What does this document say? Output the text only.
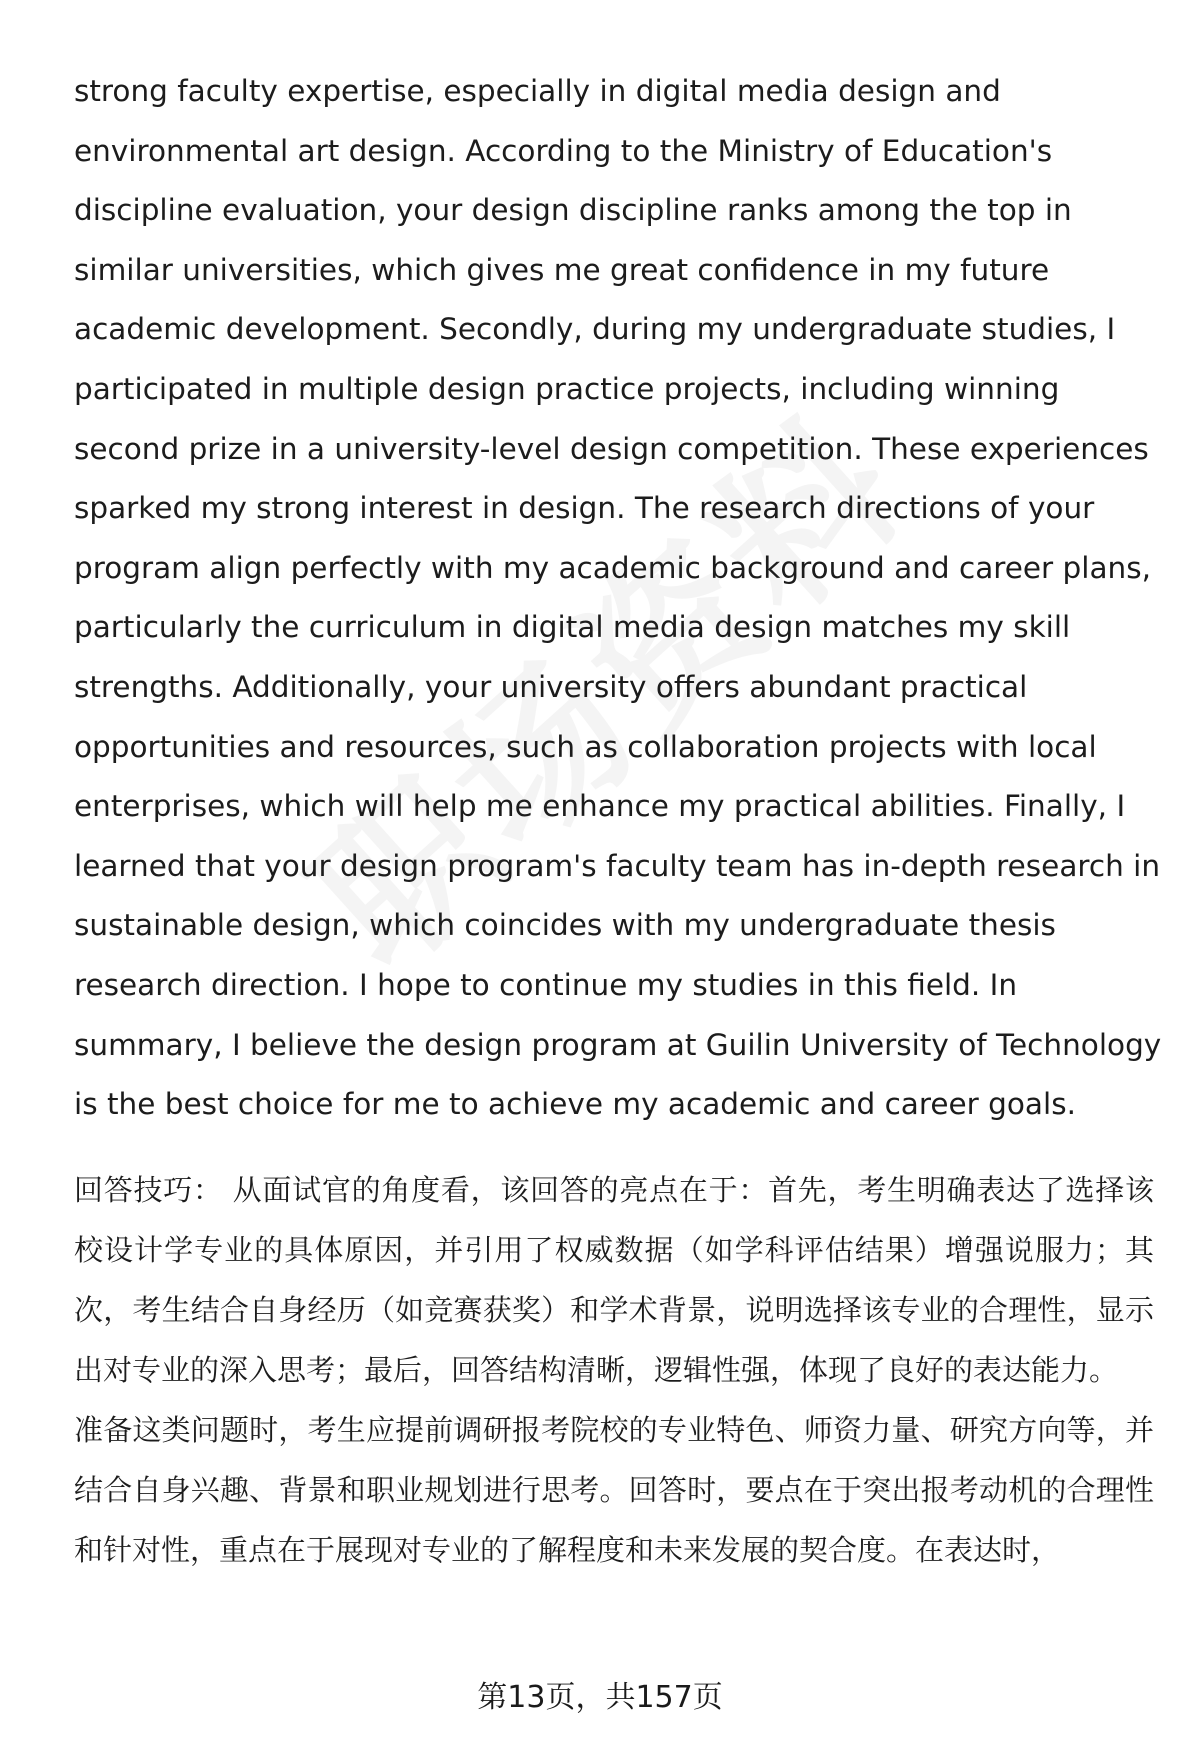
strong faculty expertise, especially in digital media design and environmental art design. According to the Ministry of Education's discipline evaluation, your design discipline ranks among the top in similar universities, which gives me great confidence in my future academic development. Secondly, during my undergraduate studies, I participated in multiple design practice projects, including winning second prize in a university-level design competition. These experiences sparked my strong interest in design. The research directions of your program align perfectly with my academic background and career plans, particularly the curriculum in digital media design matches my skill strengths. Additionally, your university offers abundant practical opportunities and resources, such as collaboration projects with local enterprises, which will help me enhance my practical abilities. Finally, I learned that your design program's faculty team has in-depth research in sustainable design, which coincides with my undergraduate thesis research direction. I hope to continue my studies in this field. In summary, I believe the design program at Guilin University of Technology is the best choice for me to achieve my academic and career goals.

回答技巧： 从面试官的角度看，该回答的亮点在于：首先，考生明确表达了选择该校设计学专业的具体原因，并引用了权威数据（如学科评估结果）增强说服力；其次，考生结合自身经历（如竞赛获奖）和学术背景，说明选择该专业的合理性，显示出对专业的深入思考；最后，回答结构清晰，逻辑性强，体现了良好的表达能力。

准备这类问题时，考生应提前调研报考院校的专业特色、师资力量、研究方向等，并结合自身兴趣、背景和职业规划进行思考。回答时，要点在于突出报考动机的合理性和针对性，重点在于展现对专业的了解程度和未来发展的契合度。在表达时，

第13页，共157页
